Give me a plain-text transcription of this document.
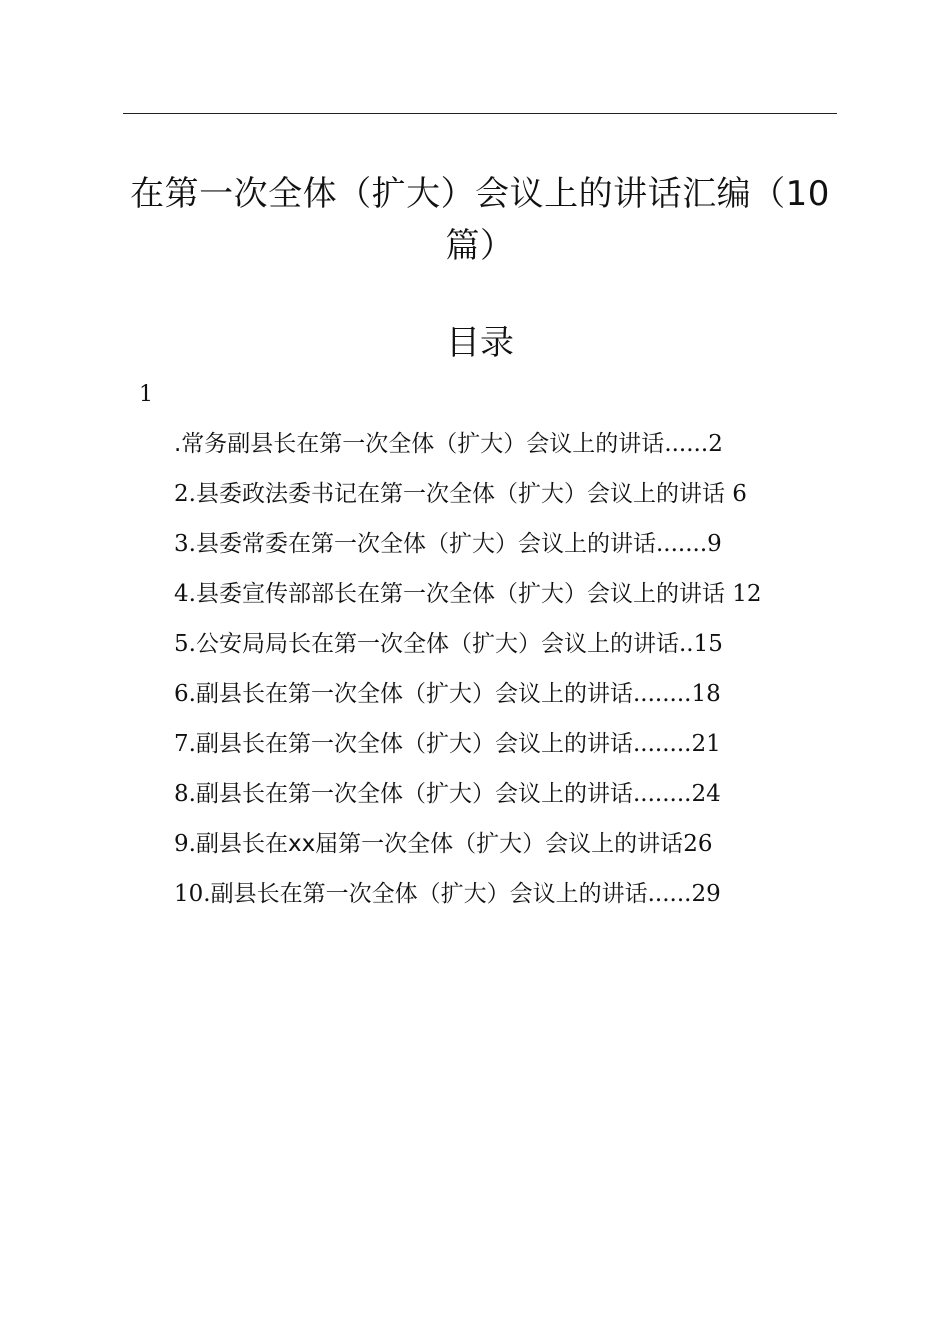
在第一次全体（扩大）会议上的讲话汇编（10篇）
目录
1
.常务副县长在第一次全体（扩大）会议上的讲话......2
2.县委政法委书记在第一次全体（扩大）会议上的讲话 6
3.县委常委在第一次全体（扩大）会议上的讲话.......9
4.县委宣传部部长在第一次全体（扩大）会议上的讲话 12
5.公安局局长在第一次全体（扩大）会议上的讲话..15
6.副县长在第一次全体（扩大）会议上的讲话........18
7.副县长在第一次全体（扩大）会议上的讲话........21
8.副县长在第一次全体（扩大）会议上的讲话........24
9.副县长在xx届第一次全体（扩大）会议上的讲话26
10.副县长在第一次全体（扩大）会议上的讲话......29
